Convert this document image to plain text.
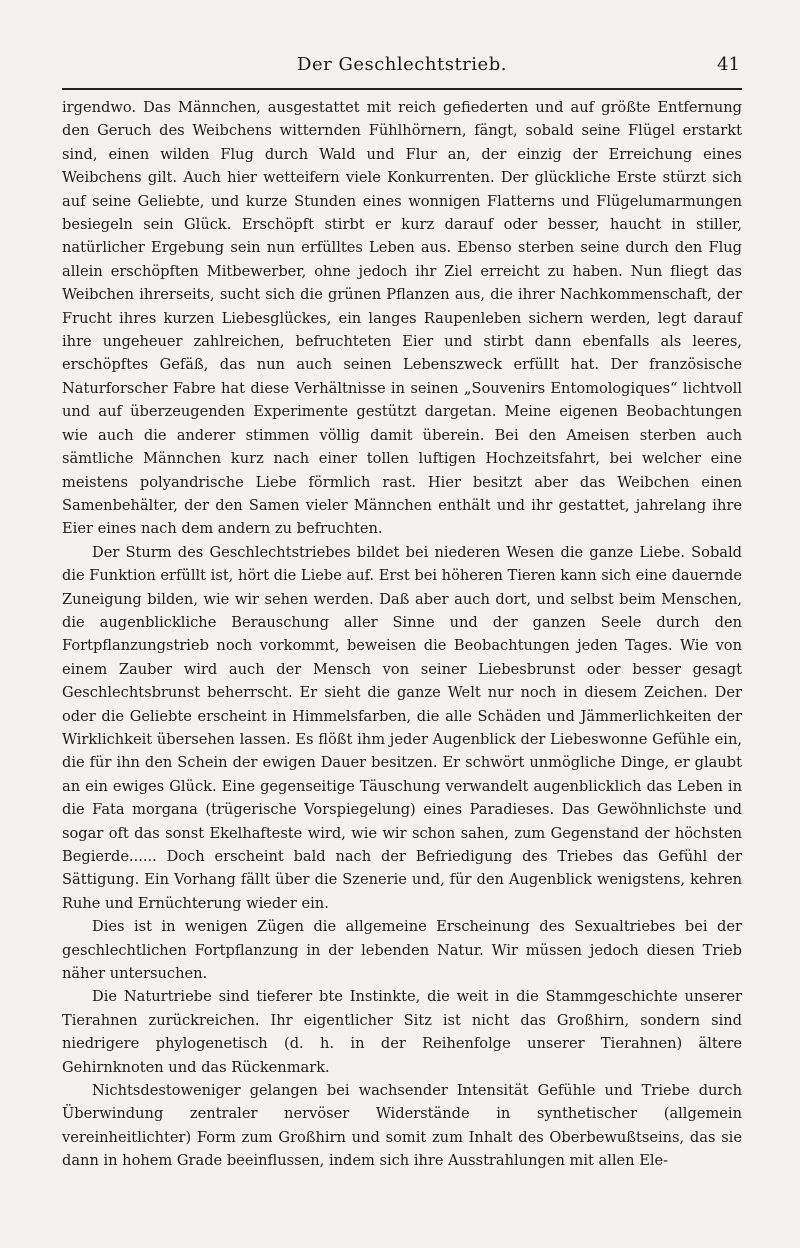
Der Geschlechtstrieb.	41

irgendwo. Das Männchen, ausgestattet mit reich gefiederten und auf größte Entfernung den Geruch des Weibchens witternden Fühlhörnern, fängt, sobald seine Flügel erstarkt sind, einen wilden Flug durch Wald und Flur an, der einzig der Erreichung eines Weibchens gilt. Auch hier wetteifern viele Konkurrenten. Der glückliche Erste stürzt sich auf seine Geliebte, und kurze Stunden eines wonnigen Flatterns und Flügelumarmungen besiegeln sein Glück. Erschöpft stirbt er kurz darauf oder besser, haucht in stiller, natürlicher Ergebung sein nun erfülltes Leben aus. Ebenso sterben seine durch den Flug allein erschöpften Mitbewerber, ohne jedoch ihr Ziel erreicht zu haben. Nun fliegt das Weibchen ihrerseits, sucht sich die grünen Pflanzen aus, die ihrer Nachkommenschaft, der Frucht ihres kurzen Liebesglückes, ein langes Raupenleben sichern werden, legt darauf ihre ungeheuer zahlreichen, befruchteten Eier und stirbt dann ebenfalls als leeres, erschöpftes Gefäß, das nun auch seinen Lebenszweck erfüllt hat. Der französische Naturforscher Fabre hat diese Verhältnisse in seinen „Souvenirs Entomologiques“ lichtvoll und auf überzeugenden Experimente gestützt dargetan. Meine eigenen Beobachtungen wie auch die anderer stimmen völlig damit überein. Bei den Ameisen sterben auch sämtliche Männchen kurz nach einer tollen luftigen Hochzeitsfahrt, bei welcher eine meistens polyandrische Liebe förmlich rast. Hier besitzt aber das Weibchen einen Samenbehälter, der den Samen vieler Männchen enthält und ihr gestattet, jahrelang ihre Eier eines nach dem andern zu befruchten.

Der Sturm des Geschlechtstriebes bildet bei niederen Wesen die ganze Liebe. Sobald die Funktion erfüllt ist, hört die Liebe auf. Erst bei höheren Tieren kann sich eine dauernde Zuneigung bilden, wie wir sehen werden. Daß aber auch dort, und selbst beim Menschen, die augenblickliche Berauschung aller Sinne und der ganzen Seele durch den Fortpflanzungstrieb noch vorkommt, beweisen die Beobachtungen jeden Tages. Wie von einem Zauber wird auch der Mensch von seiner Liebesbrunst oder besser gesagt Geschlechtsbrunst beherrscht. Er sieht die ganze Welt nur noch in diesem Zeichen. Der oder die Geliebte erscheint in Himmelsfarben, die alle Schäden und Jämmerlichkeiten der Wirklichkeit übersehen lassen. Es flößt ihm jeder Augenblick der Liebeswonne Gefühle ein, die für ihn den Schein der ewigen Dauer besitzen. Er schwört unmögliche Dinge, er glaubt an ein ewiges Glück. Eine gegenseitige Täuschung verwandelt augenblicklich das Leben in die Fata morgana (trügerische Vorspiegelung) eines Paradieses. Das Gewöhnlichste und sogar oft das sonst Ekelhafteste wird, wie wir schon sahen, zum Gegenstand der höchsten Begierde...... Doch erscheint bald nach der Befriedigung des Triebes das Gefühl der Sättigung. Ein Vorhang fällt über die Szenerie und, für den Augenblick wenigstens, kehren Ruhe und Ernüchterung wieder ein.

Dies ist in wenigen Zügen die allgemeine Erscheinung des Sexualtriebes bei der geschlechtlichen Fortpflanzung in der lebenden Natur. Wir müssen jedoch diesen Trieb näher untersuchen.

Die Naturtriebe sind tieferer bte Instinkte, die weit in die Stammgeschichte unserer Tierahnen zurückreichen. Ihr eigentlicher Sitz ist nicht das Großhirn, sondern sind niedrigere phylogenetisch (d. h. in der Reihenfolge unserer Tierahnen) ältere Gehirnknoten und das Rückenmark.

Nichtsdestoweniger gelangen bei wachsender Intensität Gefühle und Triebe durch Überwindung zentraler nervöser Widerstände in synthetischer (allgemein vereinheitlichter) Form zum Großhirn und somit zum Inhalt des Oberbewußtseins, das sie dann in hohem Grade beeinflussen, indem sich ihre Ausstrahlungen mit allen Ele-
